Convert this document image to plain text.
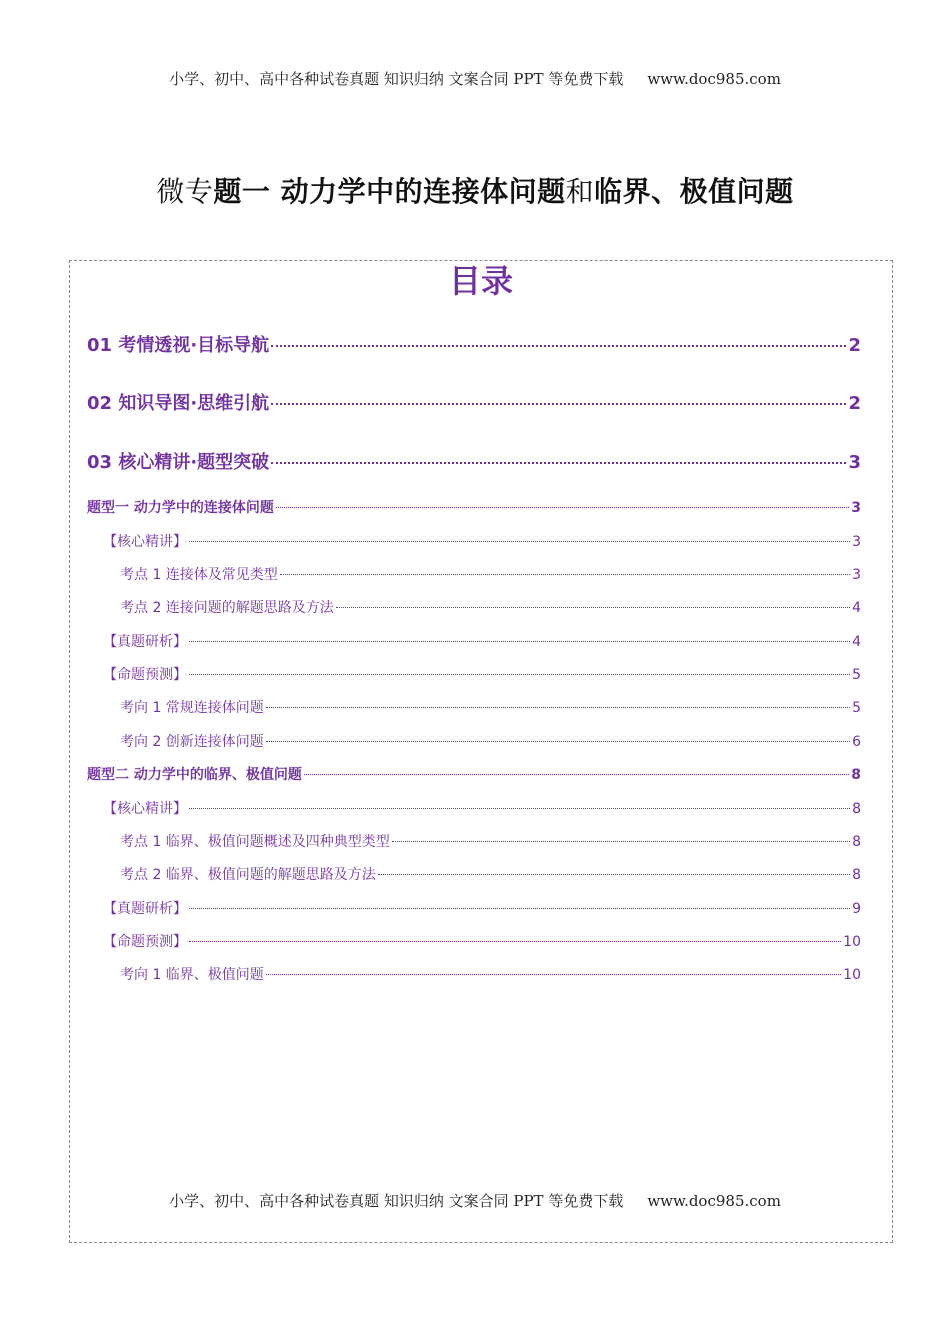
小学、初中、高中各种试卷真题 知识归纳 文案合同 PPT 等免费下载 www.doc985.com
微专题一 动力学中的连接体问题和临界、极值问题
目录
01 考情透视·目标导航	2
02 知识导图·思维引航	2
03 核心精讲·题型突破	3
题型一 动力学中的连接体问题	3
【核心精讲】	3
考点 1 连接体及常见类型	3
考点 2 连接问题的解题思路及方法	4
【真题研析】	4
【命题预测】	5
考向 1 常规连接体问题	5
考向 2 创新连接体问题	6
题型二 动力学中的临界、极值问题	8
【核心精讲】	8
考点 1 临界、极值问题概述及四种典型类型	8
考点 2 临界、极值问题的解题思路及方法	8
【真题研析】	9
【命题预测】	10
考向 1 临界、极值问题	10
小学、初中、高中各种试卷真题 知识归纳 文案合同 PPT 等免费下载 www.doc985.com
